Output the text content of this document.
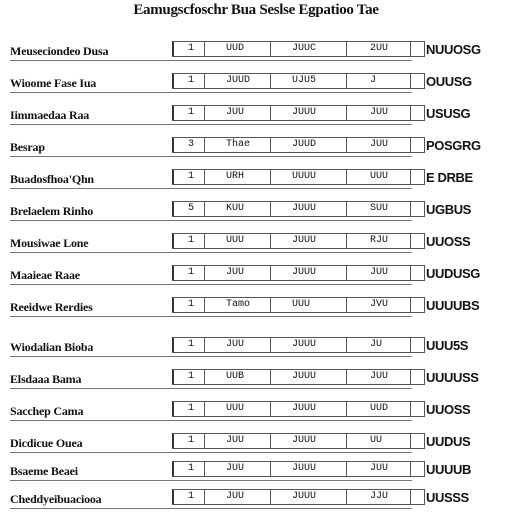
Eamugscfoschr Bua Seslse Egpatioo Tae
Meuseciondeo Dusa	1	UUD	JUUC	2UU	NUUOSG
Wioome Fase Iua	1	JUUD	UJU5	J	OUUSG
Iimmaedaa Raa	1	JUU	JUUU	JUU	USUSG
Besrap	3	Thae	JUUD	JUU	POSGRG
Buadosfhoa'Qhn	1	URH	UUUU	UUU	E DRBE
Brelaelem Rinho	5	KUU	JUUU	SUU	UGBUS
Mousiwae Lone	1	UUU	JUUU	RJU	UUOSS
Maaieae Raae	1	JUU	JUUU	JUU	UUDUSG
Reeidwe Rerdies	1	Tamo	UUU	JVU	UUUUBS
Wiodalian Bioba	1	JUU	JUUU	JU	UUU5S
Elsdaaa Bama	1	UUB	JUUU	JUU	UUUUSS
Sacchep Cama	1	UUU	JUUU	UUD	UUOSS
Dicdicue Ouea	1	JUU	JUUU	UU	UUDUS
Bsaeme Beaei	1	JUU	JUUU	JUU	UUUUB
Cheddyeibuaciooa	1	JUU	JUUU	JJU	UUSSS
